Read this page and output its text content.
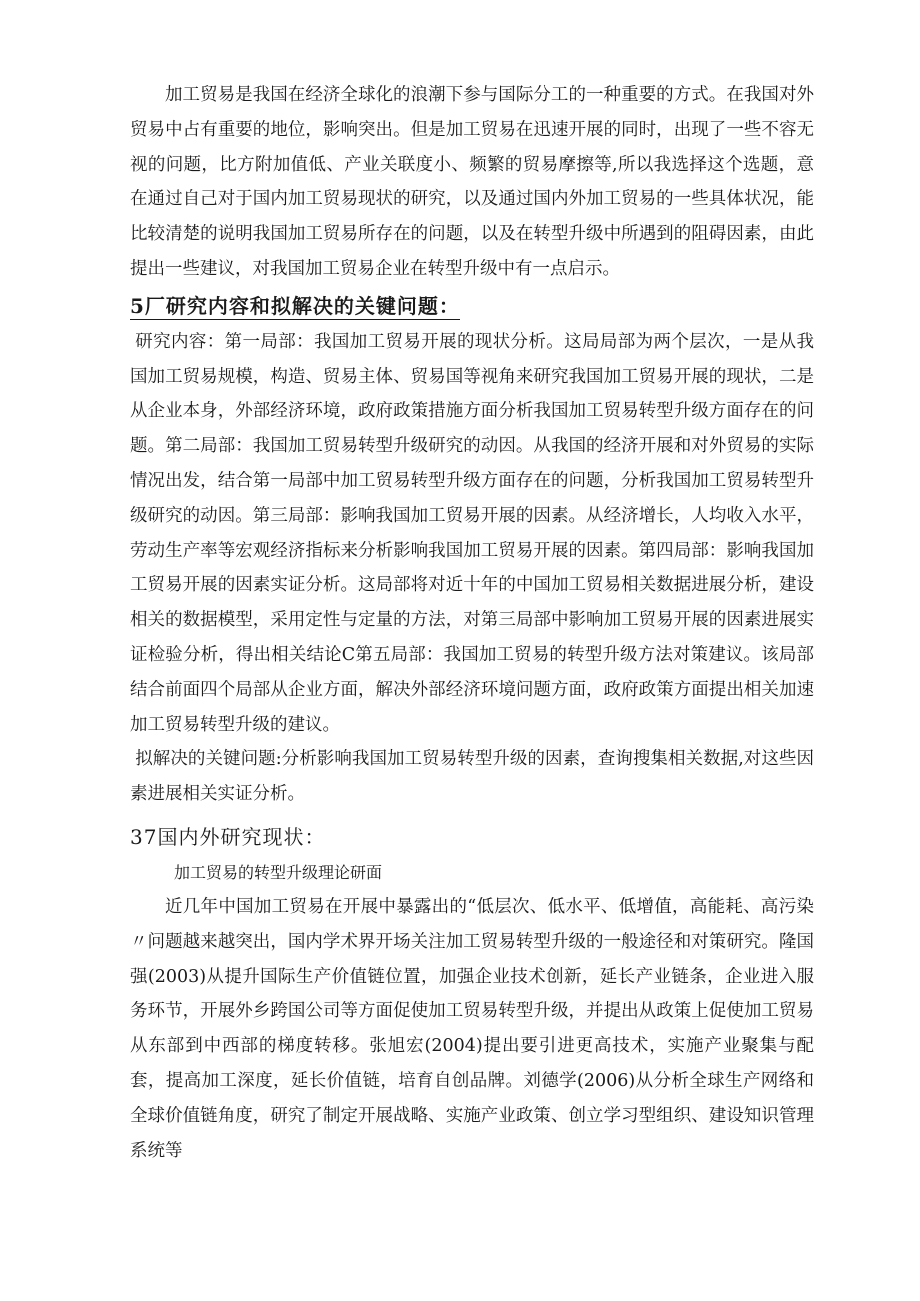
加工贸易是我国在经济全球化的浪潮下参与国际分工的一种重要的方式。在我国对外贸易中占有重要的地位，影响突出。但是加工贸易在迅速开展的同时，出现了一些不容无视的问题，比方附加值低、产业关联度小、频繁的贸易摩擦等,所以我选择这个选题，意在通过自己对于国内加工贸易现状的研究，以及通过国内外加工贸易的一些具体状况，能比较清楚的说明我国加工贸易所存在的问题，以及在转型升级中所遇到的阻碍因素，由此提出一些建议，对我国加工贸易企业在转型升级中有一点启示。

5厂研究内容和拟解决的关键问题：

研究内容：第一局部：我国加工贸易开展的现状分析。这局局部为两个层次，一是从我国加工贸易规模，构造、贸易主体、贸易国等视角来研究我国加工贸易开展的现状，二是从企业本身，外部经济环境，政府政策措施方面分析我国加工贸易转型升级方面存在的问题。第二局部：我国加工贸易转型升级研究的动因。从我国的经济开展和对外贸易的实际情况出发，结合第一局部中加工贸易转型升级方面存在的问题，分析我国加工贸易转型升级研究的动因。第三局部：影响我国加工贸易开展的因素。从经济增长，人均收入水平，劳动生产率等宏观经济指标来分析影响我国加工贸易开展的因素。第四局部：影响我国加工贸易开展的因素实证分析。这局部将对近十年的中国加工贸易相关数据进展分析，建设相关的数据模型，采用定性与定量的方法，对第三局部中影响加工贸易开展的因素进展实证检验分析，得出相关结论C第五局部：我国加工贸易的转型升级方法对策建议。该局部结合前面四个局部从企业方面，解决外部经济环境问题方面，政府政策方面提出相关加速加工贸易转型升级的建议。

拟解决的关键问题:分析影响我国加工贸易转型升级的因素，查询搜集相关数据,对这些因素进展相关实证分析。

37国内外研究现状：

加工贸易的转型升级理论研面

近几年中国加工贸易在开展中暴露出的“低层次、低水平、低增值，高能耗、高污染〃问题越来越突出，国内学术界开场关注加工贸易转型升级的一般途径和对策研究。隆国强(2003)从提升国际生产价值链位置，加强企业技术创新，延长产业链条，企业进入服务环节，开展外乡跨国公司等方面促使加工贸易转型升级，并提出从政策上促使加工贸易从东部到中西部的梯度转移。张旭宏(2004)提出要引进更高技术，实施产业聚集与配套，提高加工深度，延长价值链，培育自创品牌。刘德学(2006)从分析全球生产网络和全球价值链角度，研究了制定开展战略、实施产业政策、创立学习型组织、建设知识管理系统等
